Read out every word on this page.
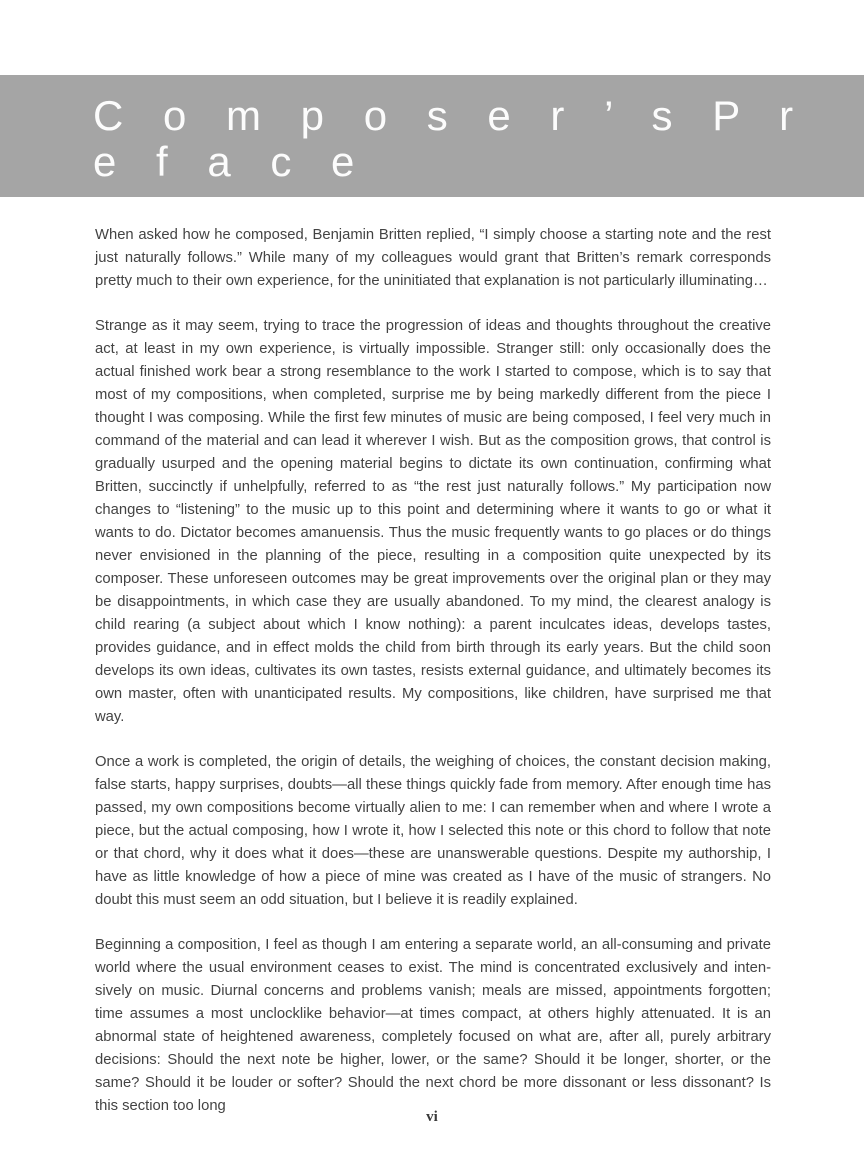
C o m p o s e r ’ s P r e f a c e

When asked how he composed, Benjamin Britten replied, “I simply choose a starting note and the rest just naturally follows.” While many of my colleagues would grant that Britten’s remark corresponds pretty much to their own experience, for the uninitiated that explanation is not particularly illuminating…

Strange as it may seem, trying to trace the progression of ideas and thoughts throughout the creative act, at least in my own experience, is virtually impossible. Stranger still: only occasionally does the actual finished work bear a strong resemblance to the work I started to compose, which is to say that most of my compositions, when completed, surprise me by being markedly different from the piece I thought I was composing. While the first few minutes of music are being composed, I feel very much in command of the material and can lead it wherever I wish. But as the composition grows, that control is gradually usurped and the opening material begins to dictate its own continuation, confirming what Britten, succinctly if unhelpfully, referred to as “the rest just naturally follows.” My participation now changes to “listening” to the music up to this point and determining where it wants to go or what it wants to do. Dictator becomes amanuensis. Thus the music frequently wants to go places or do things never envisioned in the planning of the piece, resulting in a composition quite unexpected by its composer. These unforeseen outcomes may be great improvements over the original plan or they may be disappointments, in which case they are usually abandoned. To my mind, the clearest analogy is child rearing (a subject about which I know nothing): a parent inculcates ideas, develops tastes, provides guidance, and in effect molds the child from birth through its early years. But the child soon develops its own ideas, cultivates its own tastes, resists external guidance, and ultimately becomes its own master, often with unanticipated results. My compositions, like children, have surprised me that way.

Once a work is completed, the origin of details, the weighing of choices, the constant decision making, false starts, happy surprises, doubts—all these things quickly fade from memory. After enough time has passed, my own compositions become virtually alien to me: I can remember when and where I wrote a piece, but the actual composing, how I wrote it, how I selected this note or this chord to follow that note or that chord, why it does what it does—these are unanswerable questions. Despite my authorship, I have as little knowledge of how a piece of mine was created as I have of the music of strangers. No doubt this must seem an odd situation, but I believe it is readily explained.

Beginning a composition, I feel as though I am entering a separate world, an all-consuming and private world where the usual environment ceases to exist. The mind is concentrated exclusively and intensively on music. Diurnal concerns and problems vanish; meals are missed, appointments forgotten; time assumes a most unclocklike behavior—at times compact, at others highly attenuated. It is an abnormal state of heightened awareness, completely focused on what are, after all, purely arbitrary decisions: Should the next note be higher, lower, or the same? Should it be longer, shorter, or the same? Should it be louder or softer? Should the next chord be more dissonant or less dissonant? Is this section too long

vi
